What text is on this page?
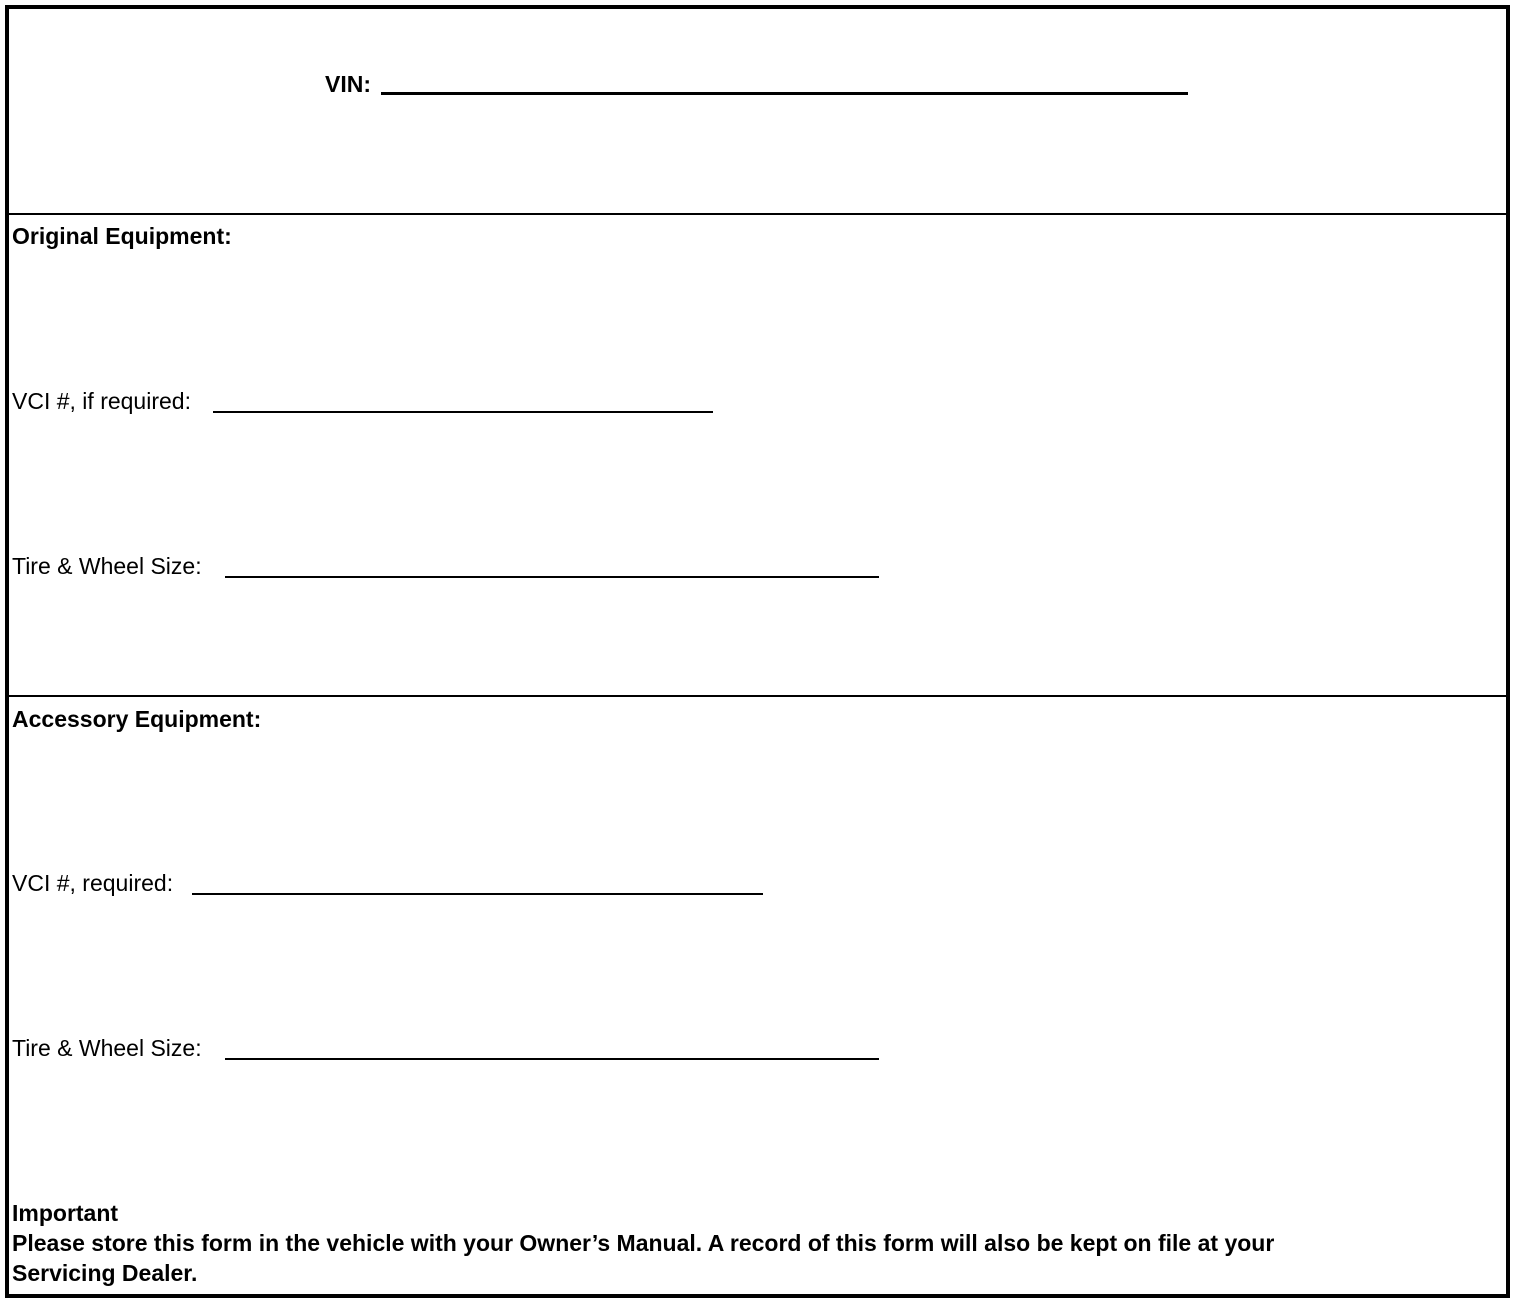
VIN:
Original Equipment:
VCI #, if required:
Tire & Wheel Size:
Accessory Equipment:
VCI #, required:
Tire & Wheel Size:
Important
Please store this form in the vehicle with your Owner’s Manual. A record of this form will also be kept on file at your
Servicing Dealer.
